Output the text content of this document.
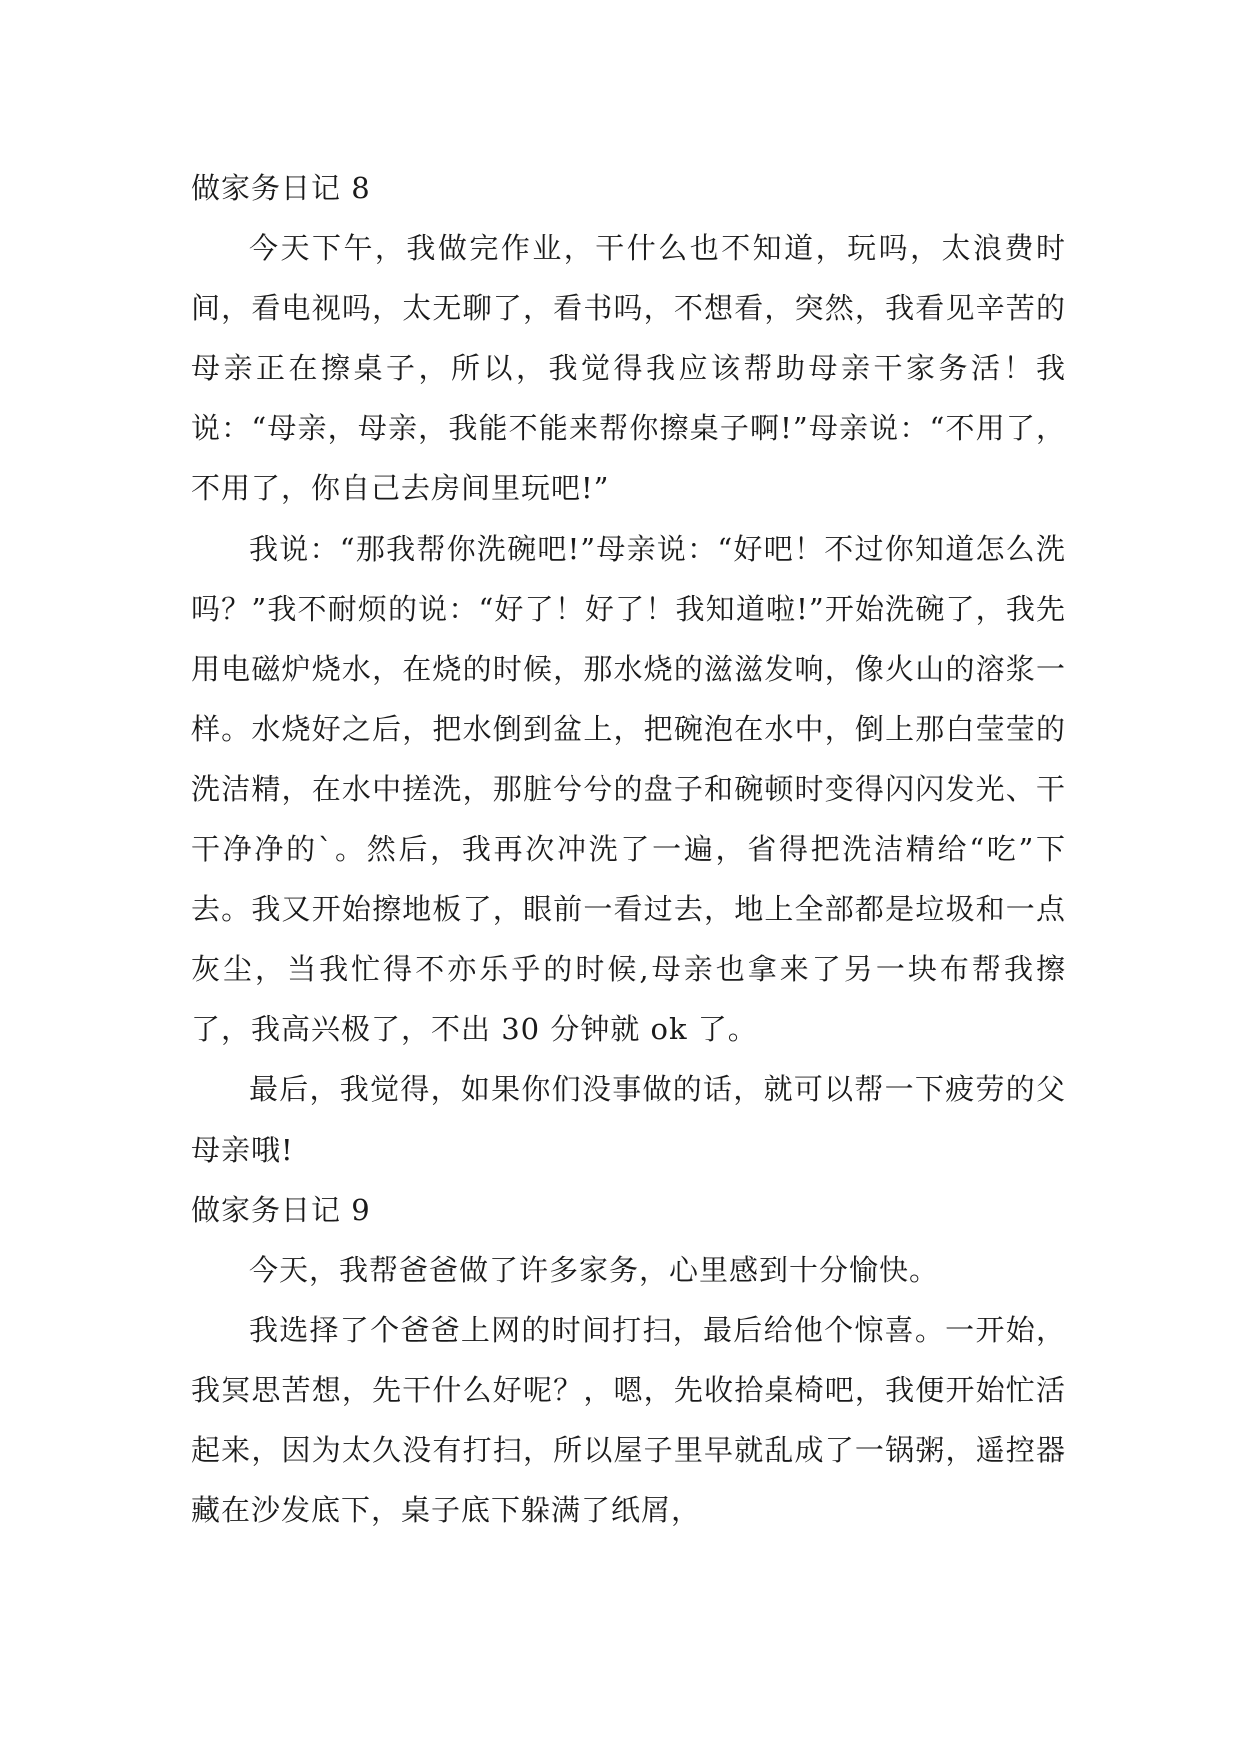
做家务日记 8

今天下午，我做完作业，干什么也不知道，玩吗，太浪费时间，看电视吗，太无聊了，看书吗，不想看，突然，我看见辛苦的母亲正在擦桌子，所以，我觉得我应该帮助母亲干家务活！我说：“母亲，母亲，我能不能来帮你擦桌子啊!”母亲说：“不用了，不用了，你自己去房间里玩吧!”

我说：“那我帮你洗碗吧!”母亲说：“好吧！不过你知道怎么洗吗？”我不耐烦的说：“好了！好了！我知道啦!”开始洗碗了，我先用电磁炉烧水，在烧的时候，那水烧的滋滋发响，像火山的溶浆一样。水烧好之后，把水倒到盆上，把碗泡在水中，倒上那白莹莹的洗洁精，在水中搓洗，那脏兮兮的盘子和碗顿时变得闪闪发光、干干净净的`。然后，我再次冲洗了一遍，省得把洗洁精给“吃”下去。我又开始擦地板了，眼前一看过去，地上全部都是垃圾和一点灰尘，当我忙得不亦乐乎的时候,母亲也拿来了另一块布帮我擦了，我高兴极了，不出 30 分钟就 ok 了。

最后，我觉得，如果你们没事做的话，就可以帮一下疲劳的父母亲哦!

做家务日记 9

今天，我帮爸爸做了许多家务，心里感到十分愉快。

我选择了个爸爸上网的时间打扫，最后给他个惊喜。一开始，我冥思苦想，先干什么好呢？，嗯，先收拾桌椅吧，我便开始忙活起来，因为太久没有打扫，所以屋子里早就乱成了一锅粥，遥控器藏在沙发底下，桌子底下躲满了纸屑，
